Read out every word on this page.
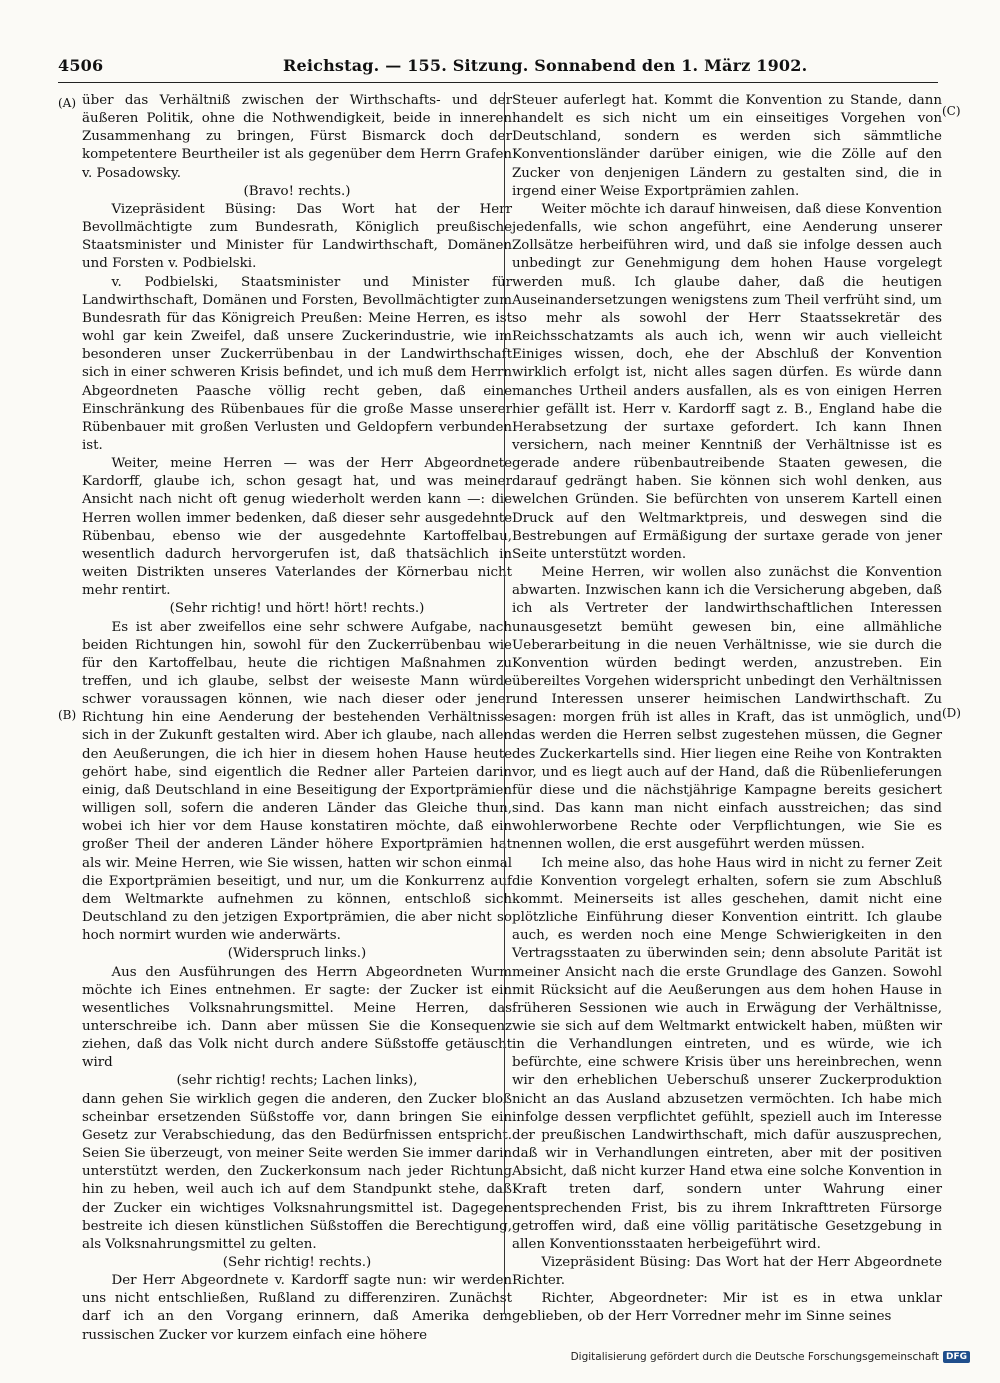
4506	Reichstag. — 155. Sitzung. Sonnabend den 1. März 1902.
(A)
(B)
(C)
(D)

über das Verhältniß zwischen der Wirthschafts- und der äußeren Politik, ohne die Nothwendigkeit, beide in inneren Zusammenhang zu bringen, Fürst Bismarck doch der kompetentere Beurtheiler ist als gegenüber dem Herrn Grafen v. Posadowsky.

(Bravo! rechts.)

Vizepräsident Büsing: Das Wort hat der Herr Bevollmächtigte zum Bundesrath, Königlich preußische Staatsminister und Minister für Landwirthschaft, Domänen und Forsten v. Podbielski.

v. Podbielski, Staatsminister und Minister für Landwirthschaft, Domänen und Forsten, Bevollmächtigter zum Bundesrath für das Königreich Preußen: Meine Herren, es ist wohl gar kein Zweifel, daß unsere Zuckerindustrie, wie im besonderen unser Zuckerrübenbau in der Landwirthschaft sich in einer schweren Krisis befindet, und ich muß dem Herrn Abgeordneten Paasche völlig recht geben, daß eine Einschränkung des Rübenbaues für die große Masse unserer Rübenbauer mit großen Verlusten und Geldopfern verbunden ist.

Weiter, meine Herren — was der Herr Abgeordnete Kardorff, glaube ich, schon gesagt hat, und was meiner Ansicht nach nicht oft genug wiederholt werden kann —: die Herren wollen immer bedenken, daß dieser sehr ausgedehnte Rübenbau, ebenso wie der ausgedehnte Kartoffelbau, wesentlich dadurch hervorgerufen ist, daß thatsächlich in weiten Distrikten unseres Vaterlandes der Körnerbau nicht mehr rentirt.

(Sehr richtig! und hört! hört! rechts.)

Es ist aber zweifellos eine sehr schwere Aufgabe, nach beiden Richtungen hin, sowohl für den Zuckerrübenbau wie für den Kartoffelbau, heute die richtigen Maßnahmen zu treffen, und ich glaube, selbst der weiseste Mann würde schwer voraussagen können, wie nach dieser oder jener Richtung hin eine Aenderung der bestehenden Verhältnisse sich in der Zukunft gestalten wird. Aber ich glaube, nach allen den Aeußerungen, die ich hier in diesem hohen Hause heute gehört habe, sind eigentlich die Redner aller Parteien darin einig, daß Deutschland in eine Beseitigung der Exportprämien willigen soll, sofern die anderen Länder das Gleiche thun, wobei ich hier vor dem Hause konstatiren möchte, daß ein großer Theil der anderen Länder höhere Exportprämien hat als wir. Meine Herren, wie Sie wissen, hatten wir schon einmal die Exportprämien beseitigt, und nur, um die Konkurrenz auf dem Weltmarkte aufnehmen zu können, entschloß sich Deutschland zu den jetzigen Exportprämien, die aber nicht so hoch normirt wurden wie anderwärts.

(Widerspruch links.)

Aus den Ausführungen des Herrn Abgeordneten Wurm möchte ich Eines entnehmen. Er sagte: der Zucker ist ein wesentliches Volksnahrungsmittel. Meine Herren, das unterschreibe ich. Dann aber müssen Sie die Konsequenz ziehen, daß das Volk nicht durch andere Süßstoffe getäuscht wird

(sehr richtig! rechts; Lachen links),

dann gehen Sie wirklich gegen die anderen, den Zucker bloß scheinbar ersetzenden Süßstoffe vor, dann bringen Sie ein Gesetz zur Verabschiedung, das den Bedürfnissen entspricht. Seien Sie überzeugt, von meiner Seite werden Sie immer darin unterstützt werden, den Zuckerkonsum nach jeder Richtung hin zu heben, weil auch ich auf dem Standpunkt stehe, daß der Zucker ein wichtiges Volksnahrungsmittel ist. Dagegen bestreite ich diesen künstlichen Süßstoffen die Berechtigung, als Volksnahrungsmittel zu gelten.

(Sehr richtig! rechts.)

Der Herr Abgeordnete v. Kardorff sagte nun: wir werden uns nicht entschließen, Rußland zu differenziren. Zunächst darf ich an den Vorgang erinnern, daß Amerika dem russischen Zucker vor kurzem einfach eine höhere

Steuer auferlegt hat. Kommt die Konvention zu Stande, dann handelt es sich nicht um ein einseitiges Vorgehen von Deutschland, sondern es werden sich sämmtliche Konventionsländer darüber einigen, wie die Zölle auf den Zucker von denjenigen Ländern zu gestalten sind, die in irgend einer Weise Exportprämien zahlen.

Weiter möchte ich darauf hinweisen, daß diese Konvention jedenfalls, wie schon angeführt, eine Aenderung unserer Zollsätze herbeiführen wird, und daß sie infolge dessen auch unbedingt zur Genehmigung dem hohen Hause vorgelegt werden muß. Ich glaube daher, daß die heutigen Auseinandersetzungen wenigstens zum Theil verfrüht sind, um so mehr als sowohl der Herr Staatssekretär des Reichsschatzamts als auch ich, wenn wir auch vielleicht Einiges wissen, doch, ehe der Abschluß der Konvention wirklich erfolgt ist, nicht alles sagen dürfen. Es würde dann manches Urtheil anders ausfallen, als es von einigen Herren hier gefällt ist. Herr v. Kardorff sagt z. B., England habe die Herabsetzung der surtaxe gefordert. Ich kann Ihnen versichern, nach meiner Kenntniß der Verhältnisse ist es gerade andere rübenbautreibende Staaten gewesen, die darauf gedrängt haben. Sie können sich wohl denken, aus welchen Gründen. Sie befürchten von unserem Kartell einen Druck auf den Weltmarktpreis, und deswegen sind die Bestrebungen auf Ermäßigung der surtaxe gerade von jener Seite unterstützt worden.

Meine Herren, wir wollen also zunächst die Konvention abwarten. Inzwischen kann ich die Versicherung abgeben, daß ich als Vertreter der landwirthschaftlichen Interessen unausgesetzt bemüht gewesen bin, eine allmähliche Ueberarbeitung in die neuen Verhältnisse, wie sie durch die Konvention würden bedingt werden, anzustreben. Ein übereiltes Vorgehen widerspricht unbedingt den Verhältnissen und Interessen unserer heimischen Landwirthschaft. Zu sagen: morgen früh ist alles in Kraft, das ist unmöglich, und das werden die Herren selbst zugestehen müssen, die Gegner des Zuckerkartells sind. Hier liegen eine Reihe von Kontrakten vor, und es liegt auch auf der Hand, daß die Rübenlieferungen für diese und die nächstjährige Kampagne bereits gesichert sind. Das kann man nicht einfach ausstreichen; das sind wohlerworbene Rechte oder Verpflichtungen, wie Sie es nennen wollen, die erst ausgeführt werden müssen.

Ich meine also, das hohe Haus wird in nicht zu ferner Zeit die Konvention vorgelegt erhalten, sofern sie zum Abschluß kommt. Meinerseits ist alles geschehen, damit nicht eine plötzliche Einführung dieser Konvention eintritt. Ich glaube auch, es werden noch eine Menge Schwierigkeiten in den Vertragsstaaten zu überwinden sein; denn absolute Parität ist meiner Ansicht nach die erste Grundlage des Ganzen. Sowohl mit Rücksicht auf die Aeußerungen aus dem hohen Hause in früheren Sessionen wie auch in Erwägung der Verhältnisse, wie sie sich auf dem Weltmarkt entwickelt haben, müßten wir in die Verhandlungen eintreten, und es würde, wie ich befürchte, eine schwere Krisis über uns hereinbrechen, wenn wir den erheblichen Ueberschuß unserer Zuckerproduktion nicht an das Ausland abzusetzen vermöchten. Ich habe mich infolge dessen verpflichtet gefühlt, speziell auch im Interesse der preußischen Landwirthschaft, mich dafür auszusprechen, daß wir in Verhandlungen eintreten, aber mit der positiven Absicht, daß nicht kurzer Hand etwa eine solche Konvention in Kraft treten darf, sondern unter Wahrung einer entsprechenden Frist, bis zu ihrem Inkrafttreten Fürsorge getroffen wird, daß eine völlig paritätische Gesetzgebung in allen Konventionsstaaten herbeigeführt wird.

Vizepräsident Büsing: Das Wort hat der Herr Abgeordnete Richter.

Richter, Abgeordneter: Mir ist es in etwa unklar geblieben, ob der Herr Vorredner mehr im Sinne seines

Digitalisierung gefördert durch die Deutsche Forschungsgemeinschaft DFG
